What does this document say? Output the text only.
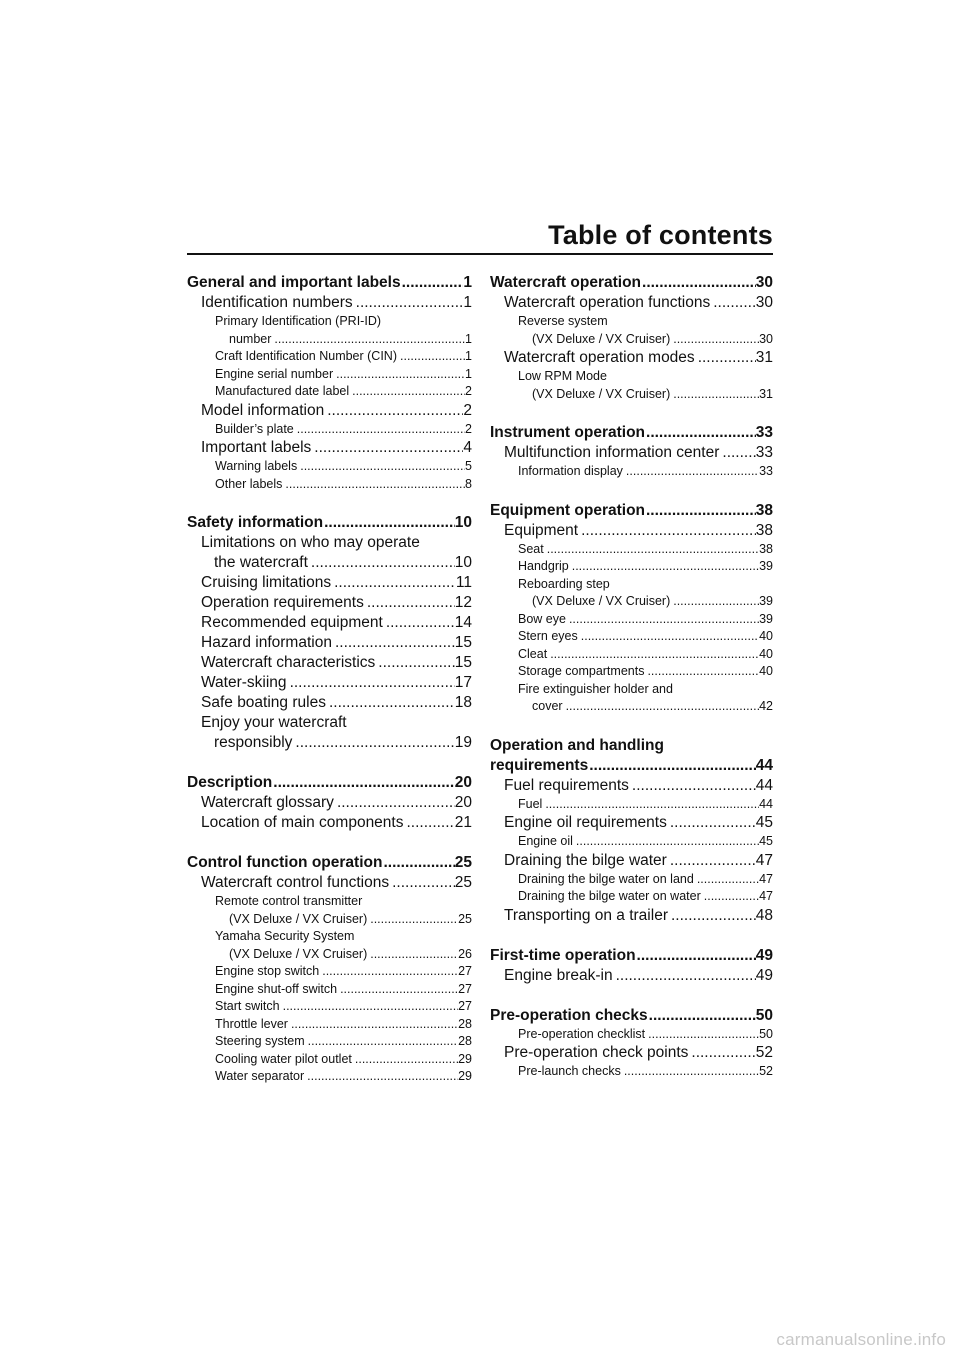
Table of contents
General and important labels .....	1
Identification numbers .....	1
Primary Identification (PRI-ID)
number .....	1
Craft Identification Number (CIN) .....	1
Engine serial number .....	1
Manufactured date label .....	2
Model information .....	2
Builder’s plate .....	2
Important labels .....	4
Warning labels .....	5
Other labels .....	8
Safety information .....	10
Limitations on who may operate
the watercraft .....	10
Cruising limitations .....	11
Operation requirements .....	12
Recommended equipment .....	14
Hazard information .....	15
Watercraft characteristics .....	15
Water-skiing .....	17
Safe boating rules .....	18
Enjoy your watercraft
responsibly .....	19
Description .....	20
Watercraft glossary .....	20
Location of main components .....	21
Control function operation .....	25
Watercraft control functions .....	25
Remote control transmitter
(VX Deluxe / VX Cruiser) .....	25
Yamaha Security System
(VX Deluxe / VX Cruiser) .....	26
Engine stop switch .....	27
Engine shut-off switch .....	27
Start switch .....	27
Throttle lever .....	28
Steering system .....	28
Cooling water pilot outlet .....	29
Water separator .....	29
Watercraft operation .....	30
Watercraft operation functions .....	30
Reverse system
(VX Deluxe / VX Cruiser) .....	30
Watercraft operation modes .....	31
Low RPM Mode
(VX Deluxe / VX Cruiser) .....	31
Instrument operation .....	33
Multifunction information center ..... 33
Information display .....	33
Equipment operation .....	38
Equipment .....	38
Seat .....	38
Handgrip .....	39
Reboarding step
(VX Deluxe / VX Cruiser) .....	39
Bow eye .....	39
Stern eyes .....	40
Cleat .....	40
Storage compartments .....	40
Fire extinguisher holder and
cover .....	42
Operation and handling
requirements .....	44
Fuel requirements .....	44
Fuel .....	44
Engine oil requirements .....	45
Engine oil .....	45
Draining the bilge water .....	47
Draining the bilge water on land .....	47
Draining the bilge water on water .....	47
Transporting on a trailer .....	48
First-time operation .....	49
Engine break-in .....	49
Pre-operation checks .....	50
Pre-operation checklist .....	50
Pre-operation check points .....	52
Pre-launch checks .....	52
carmanualsonline.info
